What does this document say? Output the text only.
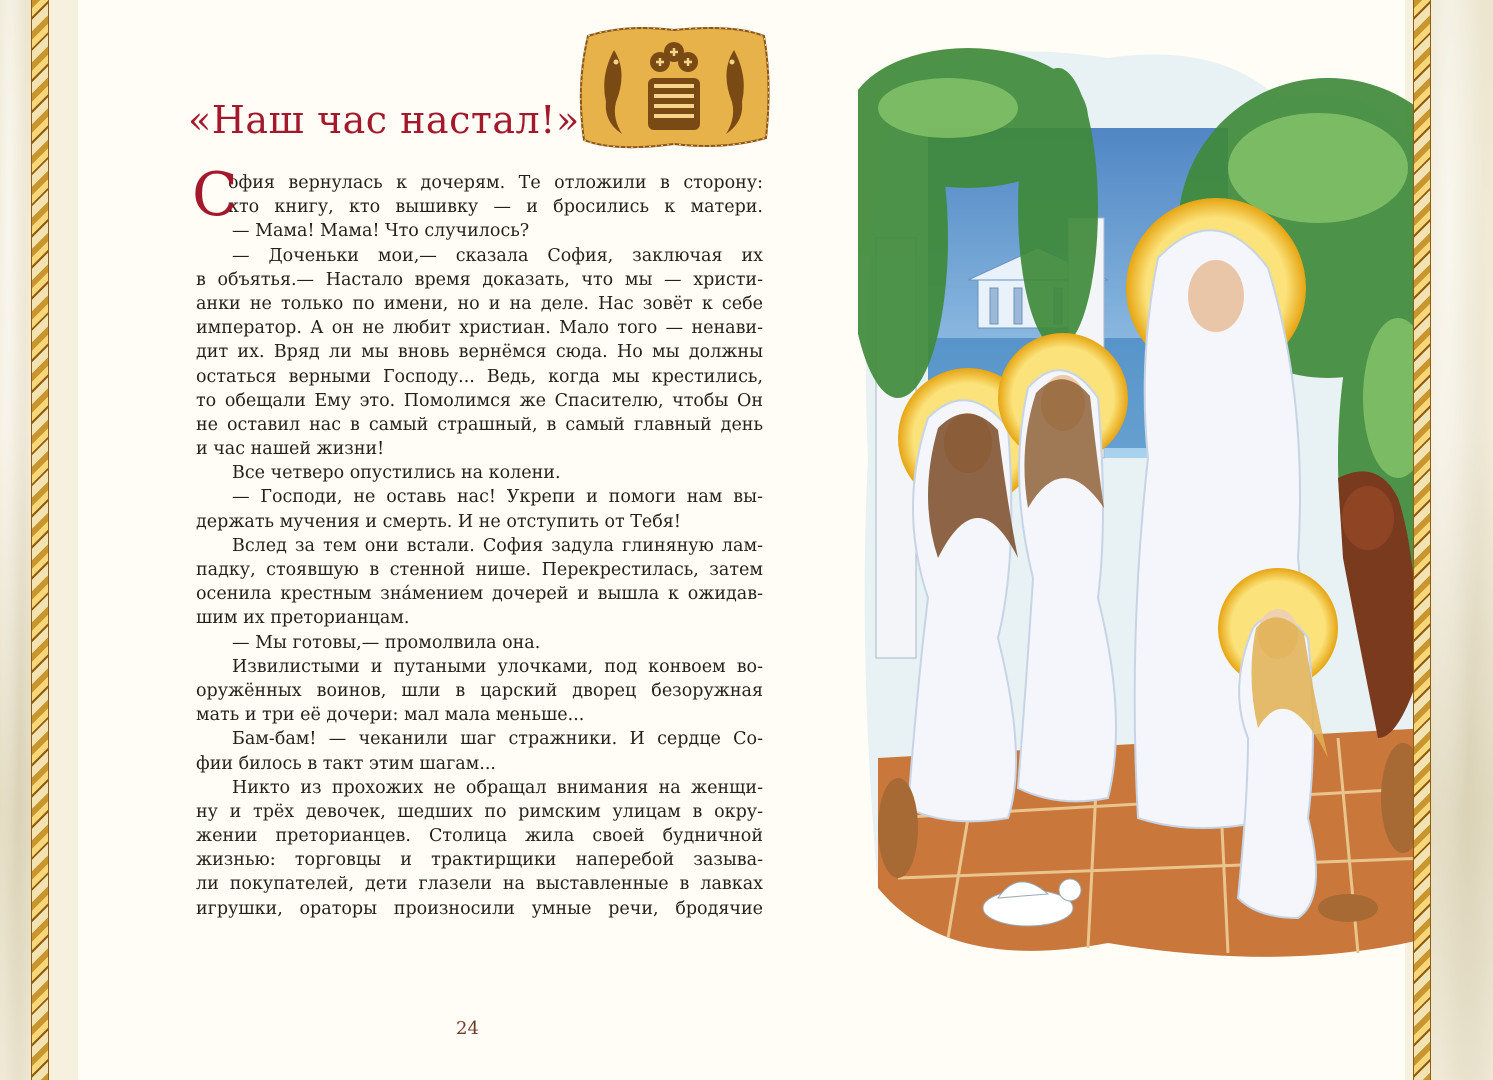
«Наш час настал!»
С
офия вернулась к дочерям. Те отложили в сторону:
кто книгу, кто вышивку — и бросились к матери.
— Мама! Мама! Что случилось?
— Доченьки мои,— сказала София, заключая их
в объятья.— Настало время доказать, что мы — христи-
анки не только по имени, но и на деле. Нас зовёт к себе
император. А он не любит христиан. Мало того — ненави-
дит их. Вряд ли мы вновь вернёмся сюда. Но мы должны
остаться верными Господу... Ведь, когда мы крестились,
то обещали Ему это. Помолимся же Спасителю, чтобы Он
не оставил нас в самый страшный, в самый главный день
и час нашей жизни!
Все четверо опустились на колени.
— Господи, не оставь нас! Укрепи и помоги нам вы-
держать мучения и смерть. И не отступить от Тебя!
Вслед за тем они встали. София задула глиняную лам-
падку, стоявшую в стенной нише. Перекрестилась, затем
осенила крестным зна́мением дочерей и вышла к ожидав-
шим их преторианцам.
— Мы готовы,— промолвила она.
Извилистыми и путаными улочками, под конвоем во-
оружённых воинов, шли в царский дворец безоружная
мать и три её дочери: мал мала меньше...
Бам-бам! — чеканили шаг стражники. И сердце Со-
фии билось в такт этим шагам...
Никто из прохожих не обращал внимания на женщи-
ну и трёх девочек, шедших по римским улицам в окру-
жении преторианцев. Столица жила своей будничной
жизнью: торговцы и трактирщики наперебой зазыва-
ли покупателей, дети глазели на выставленные в лавках
игрушки, ораторы произносили умные речи, бродячие
24
